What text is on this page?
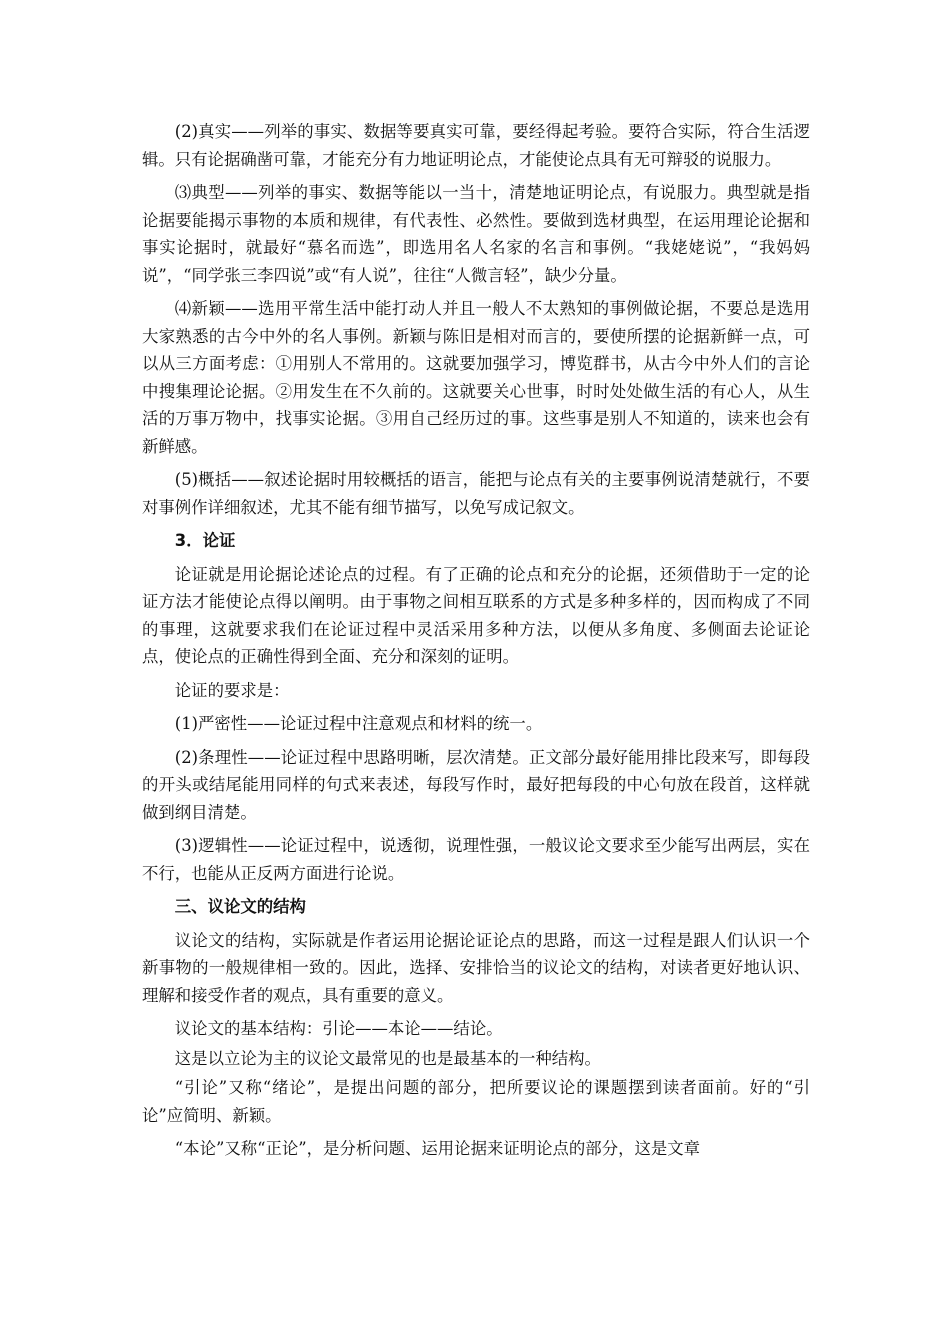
(2)真实——列举的事实、数据等要真实可靠，要经得起考验。要符合实际，符合生活逻辑。只有论据确凿可靠，才能充分有力地证明论点，才能使论点具有无可辩驳的说服力。

⑶典型——列举的事实、数据等能以一当十，清楚地证明论点，有说服力。典型就是指论据要能揭示事物的本质和规律，有代表性、必然性。要做到选材典型，在运用理论论据和事实论据时，就最好“慕名而选”，即选用名人名家的名言和事例。“我姥姥说”，“我妈妈说”，“同学张三李四说”或“有人说”，往往“人微言轻”，缺少分量。

⑷新颖——选用平常生活中能打动人并且一般人不太熟知的事例做论据，不要总是选用大家熟悉的古今中外的名人事例。新颖与陈旧是相对而言的，要使所摆的论据新鲜一点，可以从三方面考虑：①用别人不常用的。这就要加强学习，博览群书，从古今中外人们的言论中搜集理论论据。②用发生在不久前的。这就要关心世事，时时处处做生活的有心人，从生活的万事万物中，找事实论据。③用自己经历过的事。这些事是别人不知道的，读来也会有新鲜感。

(5)概括——叙述论据时用较概括的语言，能把与论点有关的主要事例说清楚就行，不要对事例作详细叙述，尤其不能有细节描写，以免写成记叙文。

3．论证

论证就是用论据论述论点的过程。有了正确的论点和充分的论据，还须借助于一定的论证方法才能使论点得以阐明。由于事物之间相互联系的方式是多种多样的，因而构成了不同的事理，这就要求我们在论证过程中灵活采用多种方法，以便从多角度、多侧面去论证论点，使论点的正确性得到全面、充分和深刻的证明。

论证的要求是：

(1)严密性——论证过程中注意观点和材料的统一。

(2)条理性——论证过程中思路明晰，层次清楚。正文部分最好能用排比段来写，即每段的开头或结尾能用同样的句式来表述，每段写作时，最好把每段的中心句放在段首，这样就做到纲目清楚。

(3)逻辑性——论证过程中，说透彻，说理性强，一般议论文要求至少能写出两层，实在不行，也能从正反两方面进行论说。

三、议论文的结构

议论文的结构，实际就是作者运用论据论证论点的思路，而这一过程是跟人们认识一个新事物的一般规律相一致的。因此，选择、安排恰当的议论文的结构，对读者更好地认识、理解和接受作者的观点，具有重要的意义。

议论文的基本结构：引论——本论——结论。

这是以立论为主的议论文最常见的也是最基本的一种结构。

“引论”又称“绪论”，是提出问题的部分，把所要议论的课题摆到读者面前。好的“引论”应简明、新颖。

“本论”又称“正论”，是分析问题、运用论据来证明论点的部分，这是文章
